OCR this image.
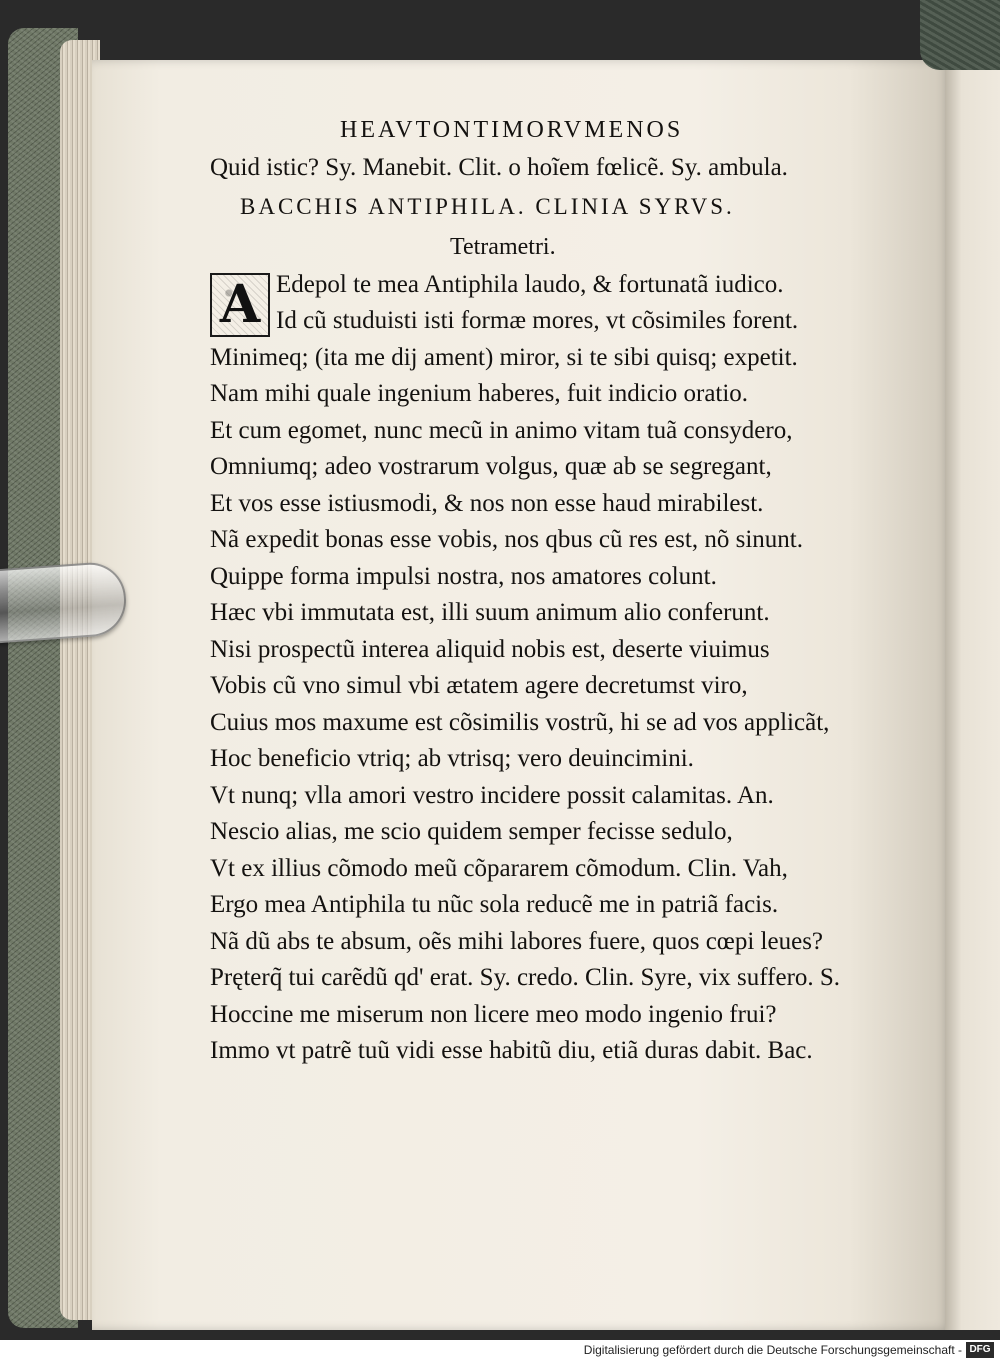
HEAVTONTIMORVMENOS
Quid istic? Sy. Manebit. Clit. o hoĩem fœlicẽ. Sy. ambula.
BACCHIS ANTIPHILA. CLINIA SYRVS.
Tetrametri.
A Edepol te mea Antiphila laudo, & fortunatã iudico.
Id cũ studuisti isti formæ mores, vt cõsimiles forent.
Minimeq; (ita me dij ament) miror, si te sibi quisq; expetit.
Nam mihi quale ingenium haberes, fuit indicio oratio.
Et cum egomet, nunc mecũ in animo vitam tuã consydero,
Omniumq; adeo vostrarum volgus, quæ ab se segregant,
Et vos esse istiusmodi, & nos non esse haud mirabilest.
Nã expedit bonas esse vobis, nos qbus cũ res est, nõ sinunt.
Quippe forma impulsi nostra, nos amatores colunt.
Hæc vbi immutata est, illi suum animum alio conferunt.
Nisi prospectũ interea aliquid nobis est, deserte viuimus
Vobis cũ vno simul vbi ætatem agere decretumst viro,
Cuius mos maxume est cõsimilis vostrũ, hi se ad vos applicãt,
Hoc beneficio vtriq; ab vtrisq; vero deuincimini.
Vt nunq; vlla amori vestro incidere possit calamitas. An.
Nescio alias, me scio quidem semper fecisse sedulo,
Vt ex illius cõmodo meũ cõpararem cõmodum. Clin. Vah,
Ergo mea Antiphila tu nũc sola reducẽ me in patriã facis.
Nã dũ abs te absum, oẽs mihi labores fuere, quos cœpi leues?
Pręterq̃ tui carẽdũ qd' erat. Sy. credo. Clin. Syre, vix suffero. S.
Hoccine me miserum non licere meo modo ingenio frui?
Immo vt patrẽ tuũ vidi esse habitũ diu, etiã duras dabit. Bac.
Digitalisierung gefördert durch die Deutsche Forschungsgemeinschaft - DFG
